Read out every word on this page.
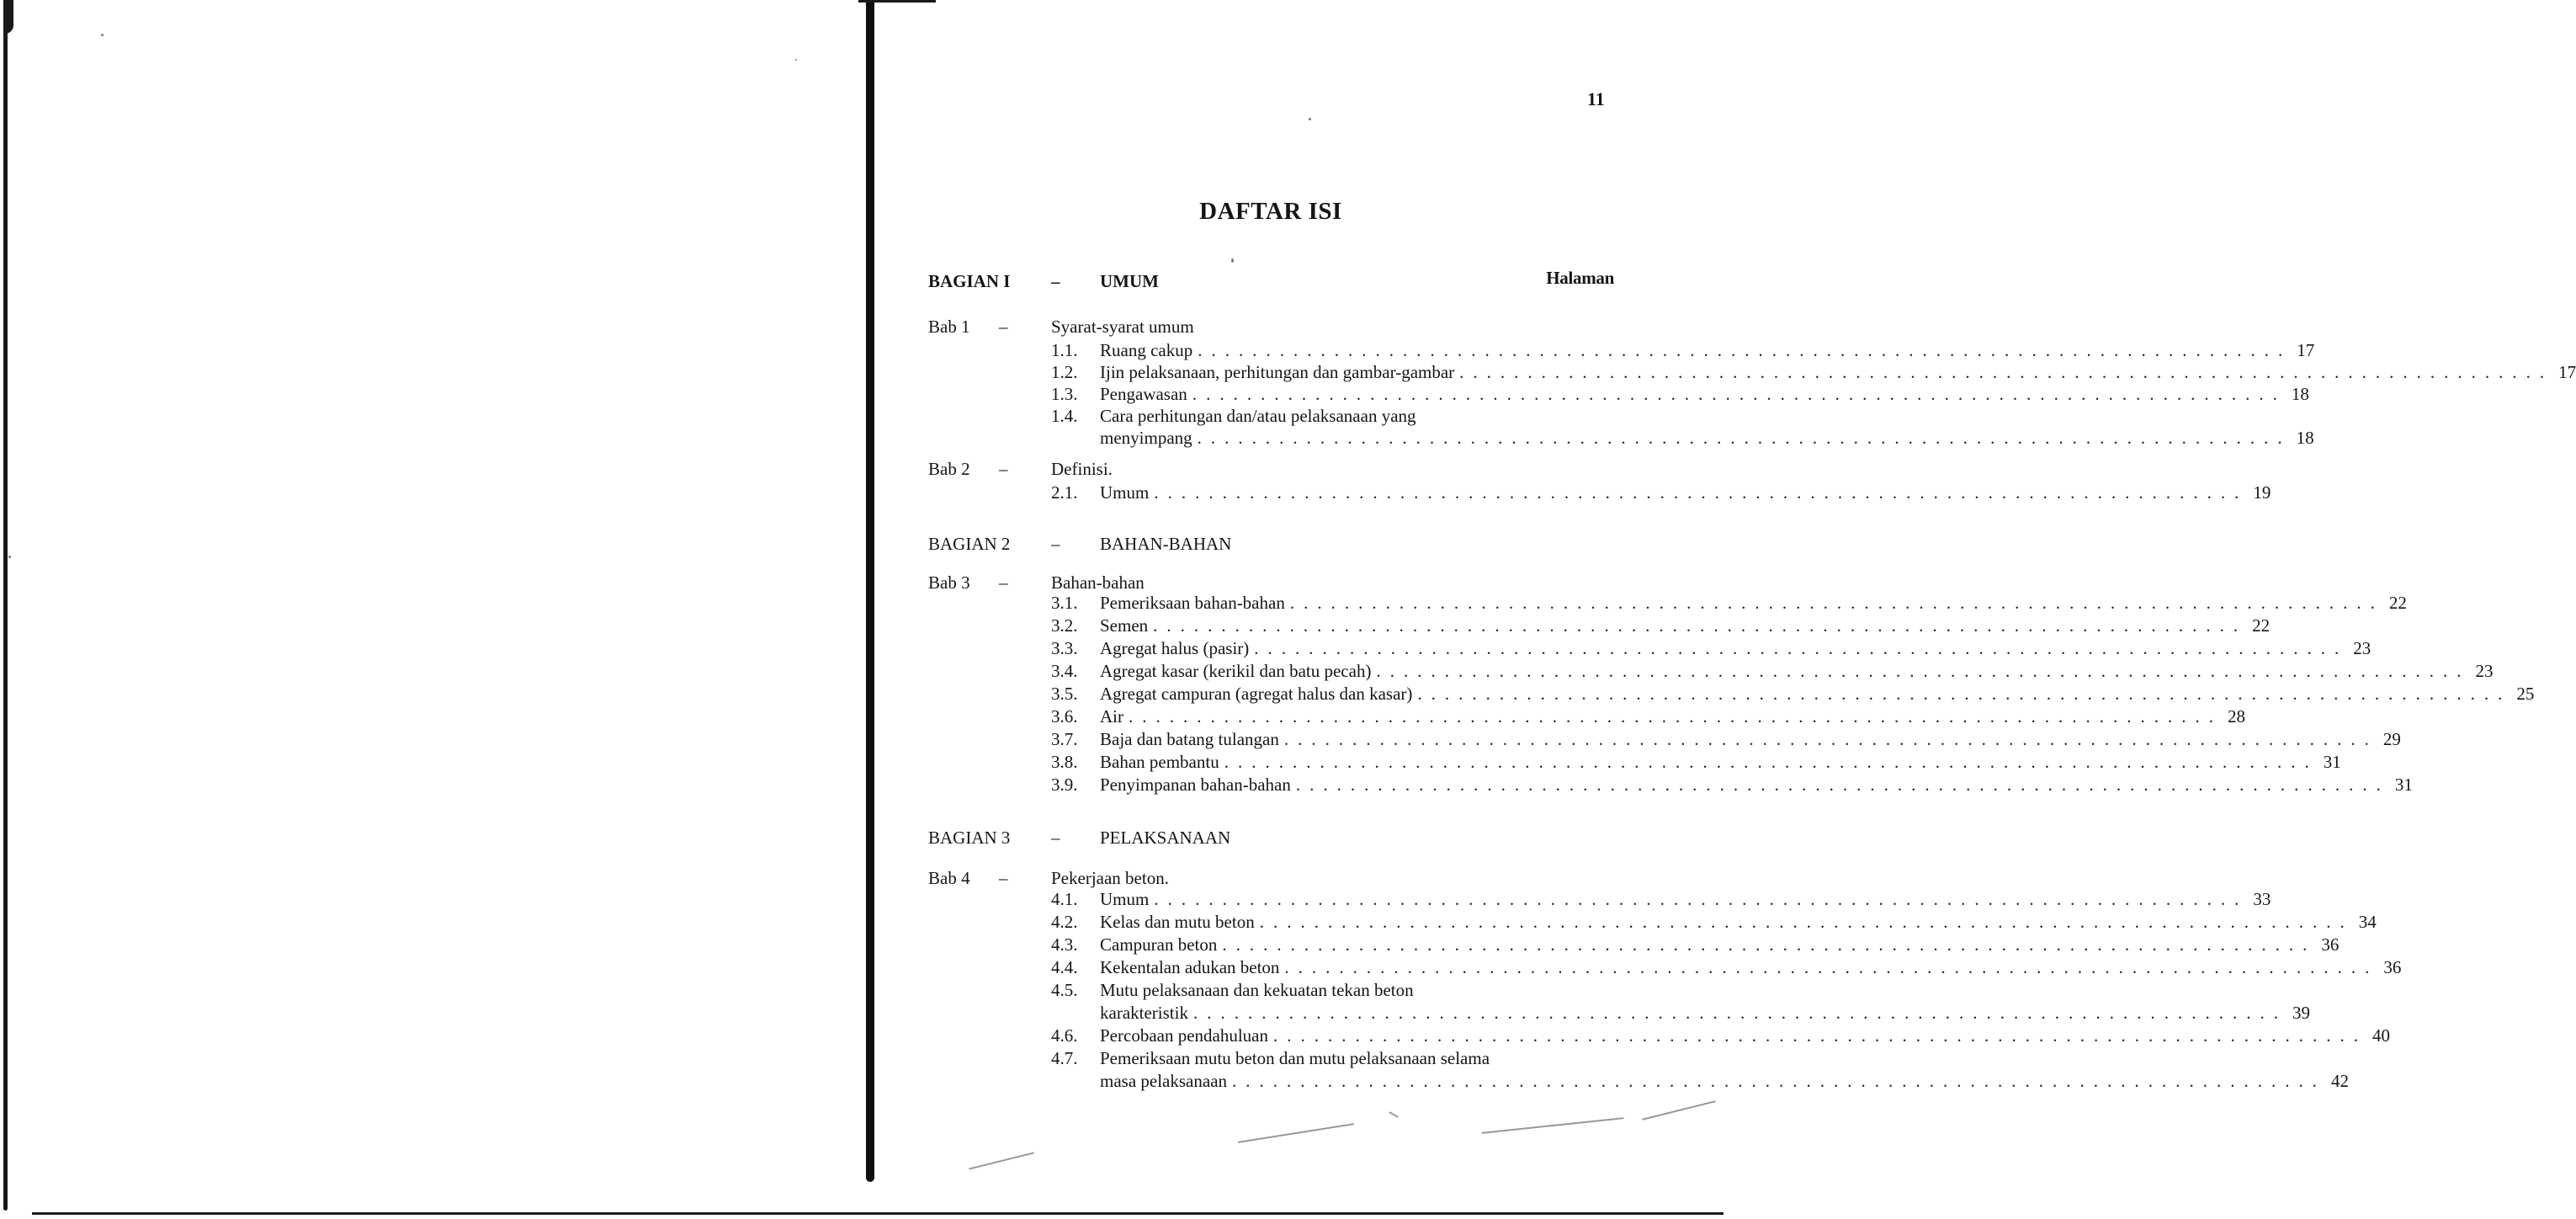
11
DAFTAR ISI
Halaman
BAGIAN I – UMUM
Bab 1 – Syarat-syarat umum
1.1. Ruang cakup ................................................................................ 17
1.2. Ijin pelaksanaan, perhitungan dan gambar-gambar ................................................................................ 17
1.3. Pengawasan ................................................................................ 18
1.4. Cara perhitungan dan/atau pelaksanaan yang
menyimpang ................................................................................ 18
Bab 2 – Definisi.
2.1. Umum ................................................................................ 19
BAGIAN 2 – BAHAN-BAHAN
Bab 3 – Bahan-bahan
3.1. Pemeriksaan bahan-bahan ................................................................................ 22
3.2. Semen ................................................................................ 22
3.3. Agregat halus (pasir) ................................................................................ 23
3.4. Agregat kasar (kerikil dan batu pecah) ................................................................................ 23
3.5. Agregat campuran (agregat halus dan kasar) ................................................................................ 25
3.6. Air ................................................................................ 28
3.7. Baja dan batang tulangan ................................................................................ 29
3.8. Bahan pembantu ................................................................................ 31
3.9. Penyimpanan bahan-bahan ................................................................................ 31
BAGIAN 3 – PELAKSANAAN
Bab 4 – Pekerjaan beton.
4.1. Umum ................................................................................ 33
4.2. Kelas dan mutu beton ................................................................................ 34
4.3. Campuran beton ................................................................................ 36
4.4. Kekentalan adukan beton ................................................................................ 36
4.5. Mutu pelaksanaan dan kekuatan tekan beton
karakteristik ................................................................................ 39
4.6. Percobaan pendahuluan ................................................................................ 40
4.7. Pemeriksaan mutu beton dan mutu pelaksanaan selama
masa pelaksanaan ................................................................................ 42
